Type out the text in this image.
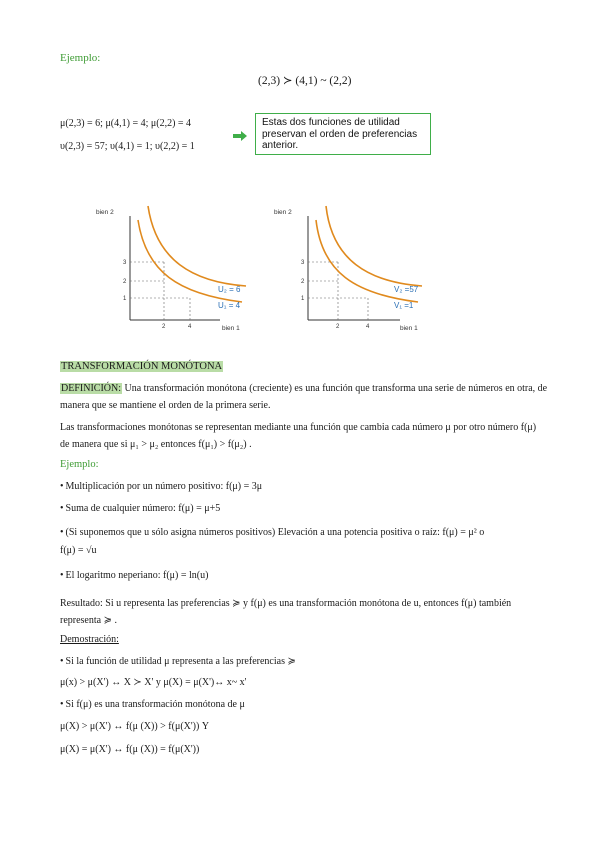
Ejemplo:
(2,3) ≻ (4,1) ~ (2,2)
μ(2,3) = 6; μ(4,1) = 4; μ(2,2) = 4
υ(2,3) = 57; υ(4,1) = 1; υ(2,2) = 1
Estas dos funciones de utilidad preservan el orden de preferencias anterior.
bien 2
bien 1
3
2
1
2	4
U₂ = 6
U₁ = 4
bien 2
bien 1
3
2
1
2	4
V₂ =57
V₁ =1
TRANSFORMACIÓN MONÓTONA
DEFINICIÓN: Una transformación monótona (creciente) es una función que transforma una serie de números en otra, de manera que se mantiene el orden de la primera serie.
Las transformaciones monótonas se representan mediante una función que cambia cada número μ por otro número f(μ) de manera que si μ₁ > μ₂ entonces f(μ₁) > f(μ₂) .
Ejemplo:
• Multiplicación por un número positivo: f(μ) = 3μ
• Suma de cualquier número: f(μ) = μ+5
• (Si suponemos que u sólo asigna números positivos) Elevación a una potencia positiva o raíz: f(μ) = μ² o
f(μ) = √u
• El logaritmo neperiano: f(μ) = ln(u)
Resultado: Si u representa las preferencias ≽ y f(μ) es una transformación monótona de u, entonces f(μ) también representa ≽ .
Demostración:
• Si la función de utilidad μ representa a las preferencias ≽
μ(x) > μ(X') ↔ X ≻ X' y μ(X) = μ(X')↔ x~ x'
• Si f(μ) es una transformación monótona de μ
μ(X) > μ(X') ↔ f(μ (X)) > f(μ(X')) Y
μ(X) = μ(X') ↔ f(μ (X)) = f(μ(X'))
